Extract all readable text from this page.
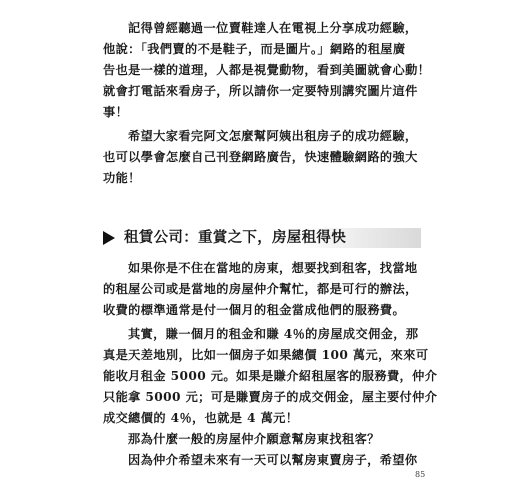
記得曾經聽過一位賣鞋達人在電視上分享成功經驗，
他說：「我們賣的不是鞋子，而是圖片。」網路的租屋廣
告也是一樣的道理，人都是視覺動物，看到美圖就會心動！
就會打電話來看房子，所以請你一定要特別講究圖片這件
事！
希望大家看完阿文怎麼幫阿姨出租房子的成功經驗，
也可以學會怎麼自己刊登網路廣告，快速體驗網路的強大
功能！
租賃公司：重賞之下，房屋租得快
如果你是不住在當地的房東，想要找到租客，找當地
的租屋公司或是當地的房屋仲介幫忙，都是可行的辦法，
收費的標準通常是付一個月的租金當成他們的服務費。
其實，賺一個月的租金和賺 4％的房屋成交佣金，那
真是天差地別，比如一個房子如果總價 100 萬元，來來可
能收月租金 5000 元。如果是賺介紹租屋客的服務費，仲介
只能拿 5000 元；可是賺賣房子的成交佣金，屋主要付仲介
成交總價的 4％，也就是 4 萬元！
那為什麼一般的房屋仲介願意幫房東找租客？
因為仲介希望未來有一天可以幫房東賣房子，希望你
85
